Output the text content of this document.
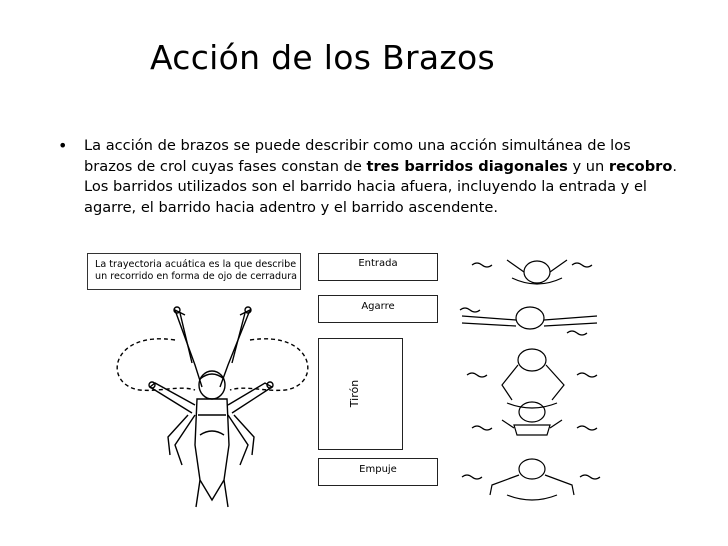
Acción de los Brazos
• La acción de brazos se puede describir como una acción simultánea de los brazos de crol cuyas fases constan de tres barridos diagonales y un recobro. Los barridos utilizados son el barrido hacia afuera, incluyendo la entrada y el agarre, el barrido hacia adentro y el barrido ascendente.
La trayectoria acuática es la que describe
un recorrido en forma de ojo de cerradura
Entrada
Agarre
Tirón
Empuje
